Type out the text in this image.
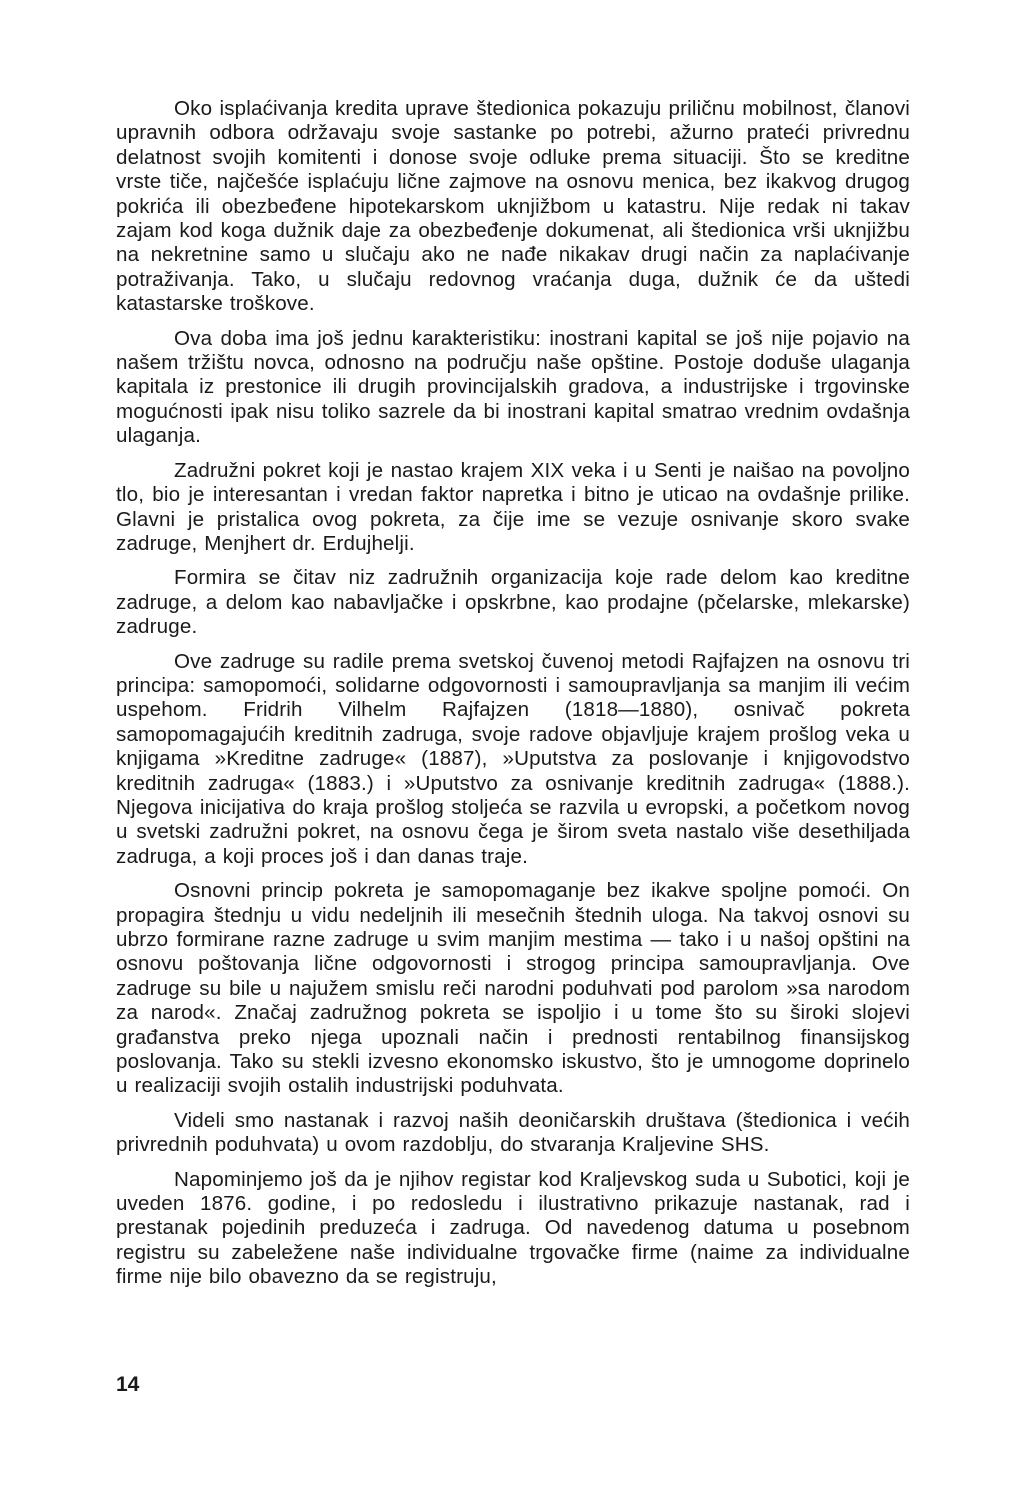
Oko isplaćivanja kredita uprave štedionica pokazuju priličnu mobilnost, članovi upravnih odbora održavaju svoje sastanke po potrebi, ažurno prateći privrednu delatnost svojih komitenti i donose svoje odluke prema situaciji. Što se kreditne vrste tiče, najčešće isplaćuju lične zajmove na osnovu menica, bez ikakvog drugog pokrića ili obezbeđene hipotekarskom uknjižbom u katastru. Nije redak ni takav zajam kod koga dužnik daje za obezbeđenje dokumenat, ali štedionica vrši uknjižbu na nekretnine samo u slučaju ako ne nađe nikakav drugi način za naplaćivanje potraživanja. Tako, u slučaju redovnog vraćanja duga, dužnik će da uštedi katastarske troškove.

Ova doba ima još jednu karakteristiku: inostrani kapital se još nije pojavio na našem tržištu novca, odnosno na području naše opštine. Postoje doduše ulaganja kapitala iz prestonice ili drugih provincijalskih gradova, a industrijske i trgovinske mogućnosti ipak nisu toliko sazrele da bi inostrani kapital smatrao vrednim ovdašnja ulaganja.

Zadružni pokret koji je nastao krajem XIX veka i u Senti je naišao na povoljno tlo, bio je interesantan i vredan faktor napretka i bitno je uticao na ovdašnje prilike. Glavni je pristalica ovog pokreta, za čije ime se vezuje osnivanje skoro svake zadruge, Menjhert dr. Erdujhelji.

Formira se čitav niz zadružnih organizacija koje rade delom kao kreditne zadruge, a delom kao nabavljačke i opskrbne, kao prodajne (pčelarske, mlekarske) zadruge.

Ove zadruge su radile prema svetskoj čuvenoj metodi Rajfajzen na osnovu tri principa: samopomoći, solidarne odgovornosti i samoupravljanja sa manjim ili većim uspehom. Fridrih Vilhelm Rajfajzen (1818—1880), osnivač pokreta samopomagajućih kreditnih zadruga, svoje radove objavljuje krajem prošlog veka u knjigama »Kreditne zadruge« (1887), »Uputstva za poslovanje i knjigovodstvo kreditnih zadruga« (1883.) i »Uputstvo za osnivanje kreditnih zadruga« (1888.). Njegova inicijativa do kraja prošlog stoljeća se razvila u evropski, a početkom novog u svetski zadružni pokret, na osnovu čega je širom sveta nastalo više desethiljada zadruga, a koji proces još i dan danas traje.

Osnovni princip pokreta je samopomaganje bez ikakve spoljne pomoći. On propagira štednju u vidu nedeljnih ili mesečnih štednih uloga. Na takvoj osnovi su ubrzo formirane razne zadruge u svim manjim mestima — tako i u našoj opštini na osnovu poštovanja lične odgovornosti i strogog principa samoupravljanja. Ove zadruge su bile u najužem smislu reči narodni poduhvati pod parolom »sa narodom za narod«. Značaj zadružnog pokreta se ispoljio i u tome što su široki slojevi građanstva preko njega upoznali način i prednosti rentabilnog finansijskog poslovanja. Tako su stekli izvesno ekonomsko iskustvo, što je umnogome doprinelo u realizaciji svojih ostalih industrijski poduhvata.

Videli smo nastanak i razvoj naših deoničarskih društava (štedionica i većih privrednih poduhvata) u ovom razdoblju, do stvaranja Kraljevine SHS.

Napominjemo još da je njihov registar kod Kraljevskog suda u Subotici, koji je uveden 1876. godine, i po redosledu i ilustrativno prikazuje nastanak, rad i prestanak pojedinih preduzeća i zadruga. Od navedenog datuma u posebnom registru su zabeležene naše individualne trgovačke firme (naime za individualne firme nije bilo obavezno da se registruju,

14
